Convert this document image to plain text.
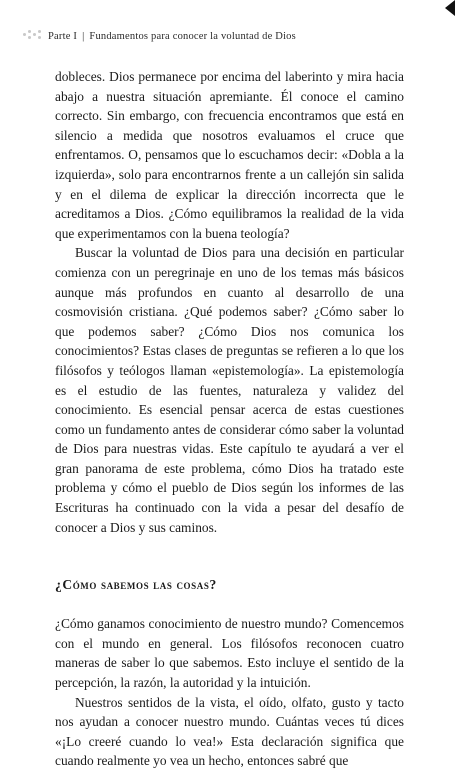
Parte I | Fundamentos para conocer la voluntad de Dios

dobleces. Dios permanece por encima del laberinto y mira hacia abajo a nuestra situación apremiante. Él conoce el camino correcto. Sin embargo, con frecuencia encontramos que está en silencio a medida que nosotros evaluamos el cruce que enfrentamos. O, pensamos que lo escuchamos decir: «Dobla a la izquierda», solo para encontrarnos frente a un callejón sin salida y en el dilema de explicar la dirección incorrecta que le acreditamos a Dios. ¿Cómo equilibramos la realidad de la vida que experimentamos con la buena teología?

Buscar la voluntad de Dios para una decisión en particular comienza con un peregrinaje en uno de los temas más básicos aunque más profundos en cuanto al desarrollo de una cosmovisión cristiana. ¿Qué podemos saber? ¿Cómo saber lo que podemos saber? ¿Cómo Dios nos comunica los conocimientos? Estas clases de preguntas se refieren a lo que los filósofos y teólogos llaman «epistemología». La epistemología es el estudio de las fuentes, naturaleza y validez del conocimiento. Es esencial pensar acerca de estas cuestiones como un fundamento antes de considerar cómo saber la voluntad de Dios para nuestras vidas. Este capítulo te ayudará a ver el gran panorama de este problema, cómo Dios ha tratado este problema y cómo el pueblo de Dios según los informes de las Escrituras ha continuado con la vida a pesar del desafío de conocer a Dios y sus caminos.

¿Cómo sabemos las cosas?

¿Cómo ganamos conocimiento de nuestro mundo? Comencemos con el mundo en general. Los filósofos reconocen cuatro maneras de saber lo que sabemos. Esto incluye el sentido de la percepción, la razón, la autoridad y la intuición.

Nuestros sentidos de la vista, el oído, olfato, gusto y tacto nos ayudan a conocer nuestro mundo. Cuántas veces tú dices «¡Lo creeré cuando lo vea!» Esta declaración significa que cuando realmente yo vea un hecho, entonces sabré que
